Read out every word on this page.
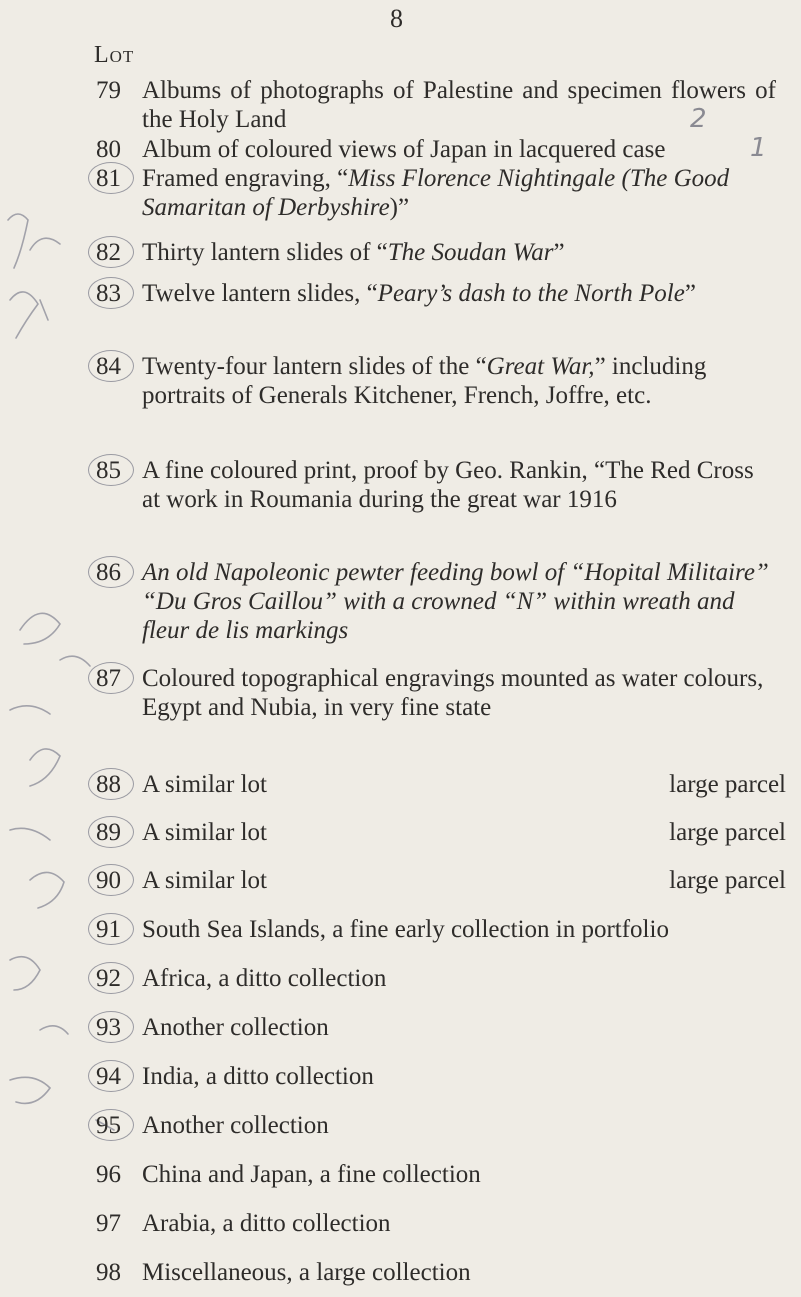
8
Lot
79 Albums of photographs of Palestine and specimen flowers of the Holy Land	2
80 Album of coloured views of Japan in lacquered case	1
81 Framed engraving, “Miss Florence Nightingale (The Good Samaritan of Derbyshire)”
82 Thirty lantern slides of “The Soudan War”
83 Twelve lantern slides, “Peary’s dash to the North Pole”
84 Twenty-four lantern slides of the “Great War,” including portraits of Generals Kitchener, French, Joffre, etc.
85 A fine coloured print, proof by Geo. Rankin, “The Red Cross at work in Roumania during the great war 1916
86 An old Napoleonic pewter feeding bowl of “Hopital Militaire” “Du Gros Caillou” with a crowned “N” within wreath and fleur de lis markings
87 Coloured topographical engravings mounted as water colours, Egypt and Nubia, in very fine state
88 A similar lot	large parcel
89 A similar lot	large parcel
90 A similar lot	large parcel
91 South Sea Islands, a fine early collection in portfolio
92 Africa, a ditto collection
93 Another collection
94 India, a ditto collection
95 Another collection
96 China and Japan, a fine collection
97 Arabia, a ditto collection
98 Miscellaneous, a large collection
